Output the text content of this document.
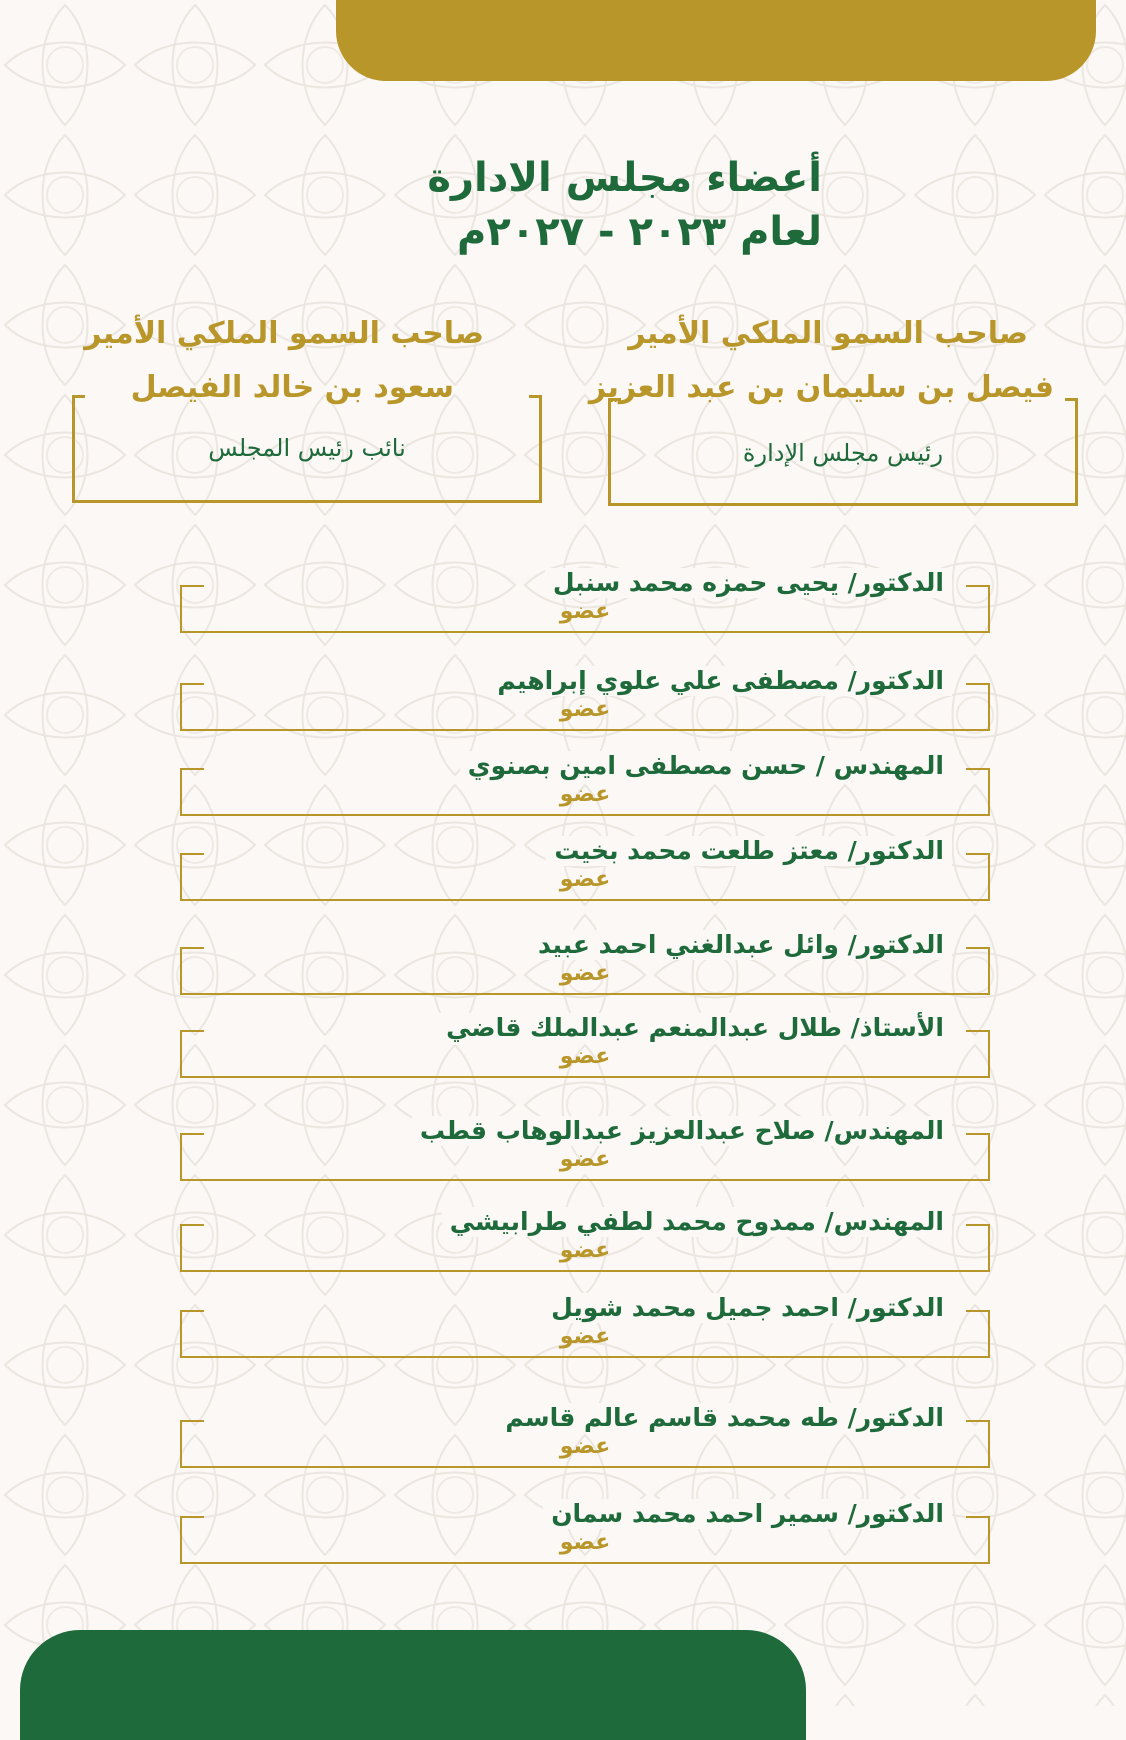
أعضاء مجلس الادارة
لعام ٢٠٢٣ - ٢٠٢٧م
صاحب السمو الملكي الأمير
فيصل بن سليمان بن عبد العزيز
رئيس مجلس الإدارة
صاحب السمو الملكي الأمير
سعود بن خالد الفيصل
نائب رئيس المجلس
الدكتور/ يحيى حمزه محمد سنبل
عضو
الدكتور/ مصطفى علي علوي إبراهيم
عضو
المهندس / حسن مصطفى امين بصنوي
عضو
الدكتور/ معتز طلعت محمد بخيت
عضو
الدكتور/ وائل عبدالغني احمد عبيد
عضو
الأستاذ/ طلال عبدالمنعم عبدالملك قاضي
عضو
المهندس/ صلاح عبدالعزيز عبدالوهاب قطب
عضو
المهندس/ ممدوح محمد لطفي طرابيشي
عضو
الدكتور/ احمد جميل محمد شويل
عضو
الدكتور/ طه محمد قاسم عالم قاسم
عضو
الدكتور/ سمير احمد محمد سمان
عضو
